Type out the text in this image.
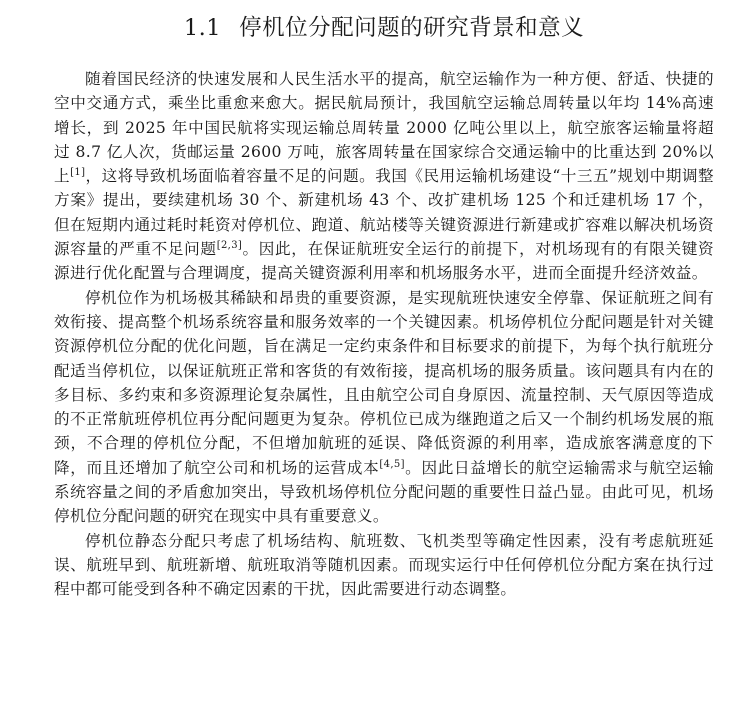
1.1 停机位分配问题的研究背景和意义

随着国民经济的快速发展和人民生活水平的提高，航空运输作为一种方便、舒适、快捷的空中交通方式，乘坐比重愈来愈大。据民航局预计，我国航空运输总周转量以年均 14%高速增长，到 2025 年中国民航将实现运输总周转量 2000 亿吨公里以上，航空旅客运输量将超过 8.7 亿人次，货邮运量 2600 万吨，旅客周转量在国家综合交通运输中的比重达到 20%以上[1]，这将导致机场面临着容量不足的问题。我国《民用运输机场建设“十三五”规划中期调整方案》提出，要续建机场 30 个、新建机场 43 个、改扩建机场 125 个和迁建机场 17 个，但在短期内通过耗时耗资对停机位、跑道、航站楼等关键资源进行新建或扩容难以解决机场资源容量的严重不足问题[2,3]。因此，在保证航班安全运行的前提下，对机场现有的有限关键资源进行优化配置与合理调度，提高关键资源利用率和机场服务水平，进而全面提升经济效益。

停机位作为机场极其稀缺和昂贵的重要资源，是实现航班快速安全停靠、保证航班之间有效衔接、提高整个机场系统容量和服务效率的一个关键因素。机场停机位分配问题是针对关键资源停机位分配的优化问题，旨在满足一定约束条件和目标要求的前提下，为每个执行航班分配适当停机位，以保证航班正常和客货的有效衔接，提高机场的服务质量。该问题具有内在的多目标、多约束和多资源理论复杂属性，且由航空公司自身原因、流量控制、天气原因等造成的不正常航班停机位再分配问题更为复杂。停机位已成为继跑道之后又一个制约机场发展的瓶颈，不合理的停机位分配，不但增加航班的延误、降低资源的利用率，造成旅客满意度的下降，而且还增加了航空公司和机场的运营成本[4,5]。因此日益增长的航空运输需求与航空运输系统容量之间的矛盾愈加突出，导致机场停机位分配问题的重要性日益凸显。由此可见，机场停机位分配问题的研究在现实中具有重要意义。

停机位静态分配只考虑了机场结构、航班数、飞机类型等确定性因素，没有考虑航班延误、航班早到、航班新增、航班取消等随机因素。而现实运行中任何停机位分配方案在执行过程中都可能受到各种不确定因素的干扰，因此需要进行动态调整。
